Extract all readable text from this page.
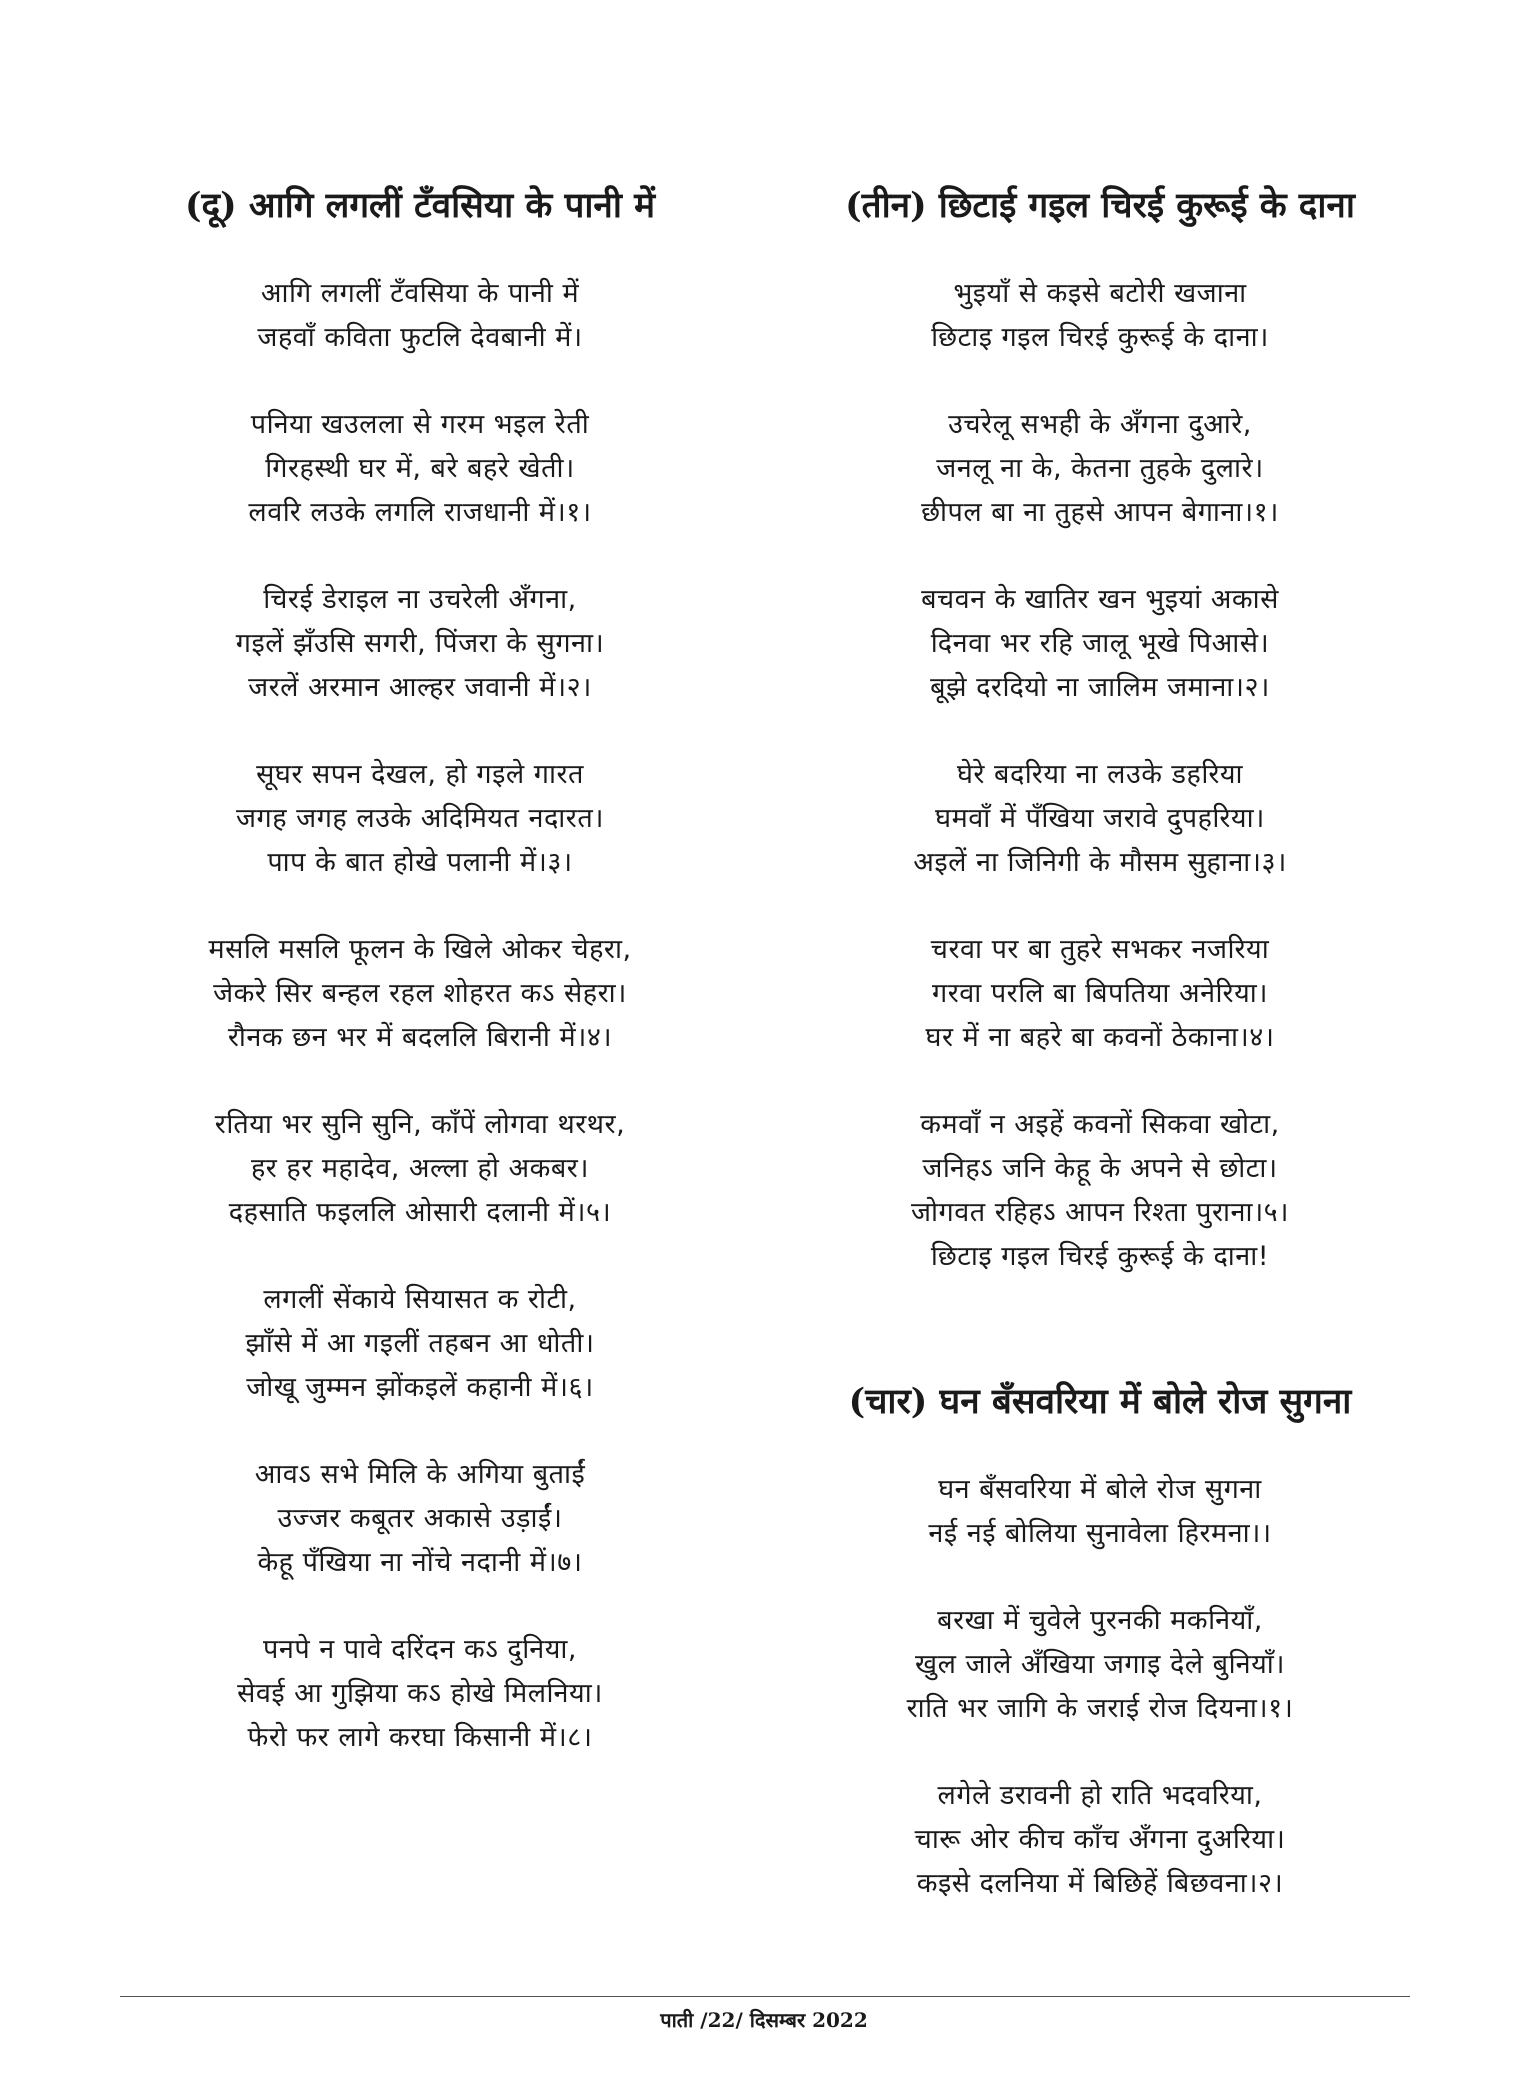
(दू) आगि लगलीं टँवसिया के पानी में
आगि लगलीं टँवसिया के पानी में
जहवाँ कविता फुटलि देवबानी में।
पनिया खउलला से गरम भइल रेती
गिरहस्थी घर में, बरे बहरे खेती।
लवरि लउके लगलि राजधानी में।१।
चिरई डेराइल ना उचरेली अँगना,
गइलें झँउसि सगरी, पिंजरा के सुगना।
जरलें अरमान आल्हर जवानी में।२।
सूघर सपन देखल, हो गइले गारत
जगह जगह लउके अदिमियत नदारत।
पाप के बात होखे पलानी में।३।
मसलि मसलि फूलन के खिले ओकर चेहरा,
जेकरे सिर बन्हल रहल शोहरत कऽ सेहरा।
रौनक छन भर में बदललि बिरानी में।४।
रतिया भर सुनि सुनि, काँपें लोगवा थरथर,
हर हर महादेव, अल्ला हो अकबर।
दहसाति फइललि ओसारी दलानी में।५।
लगलीं सेंकाये सियासत क रोटी,
झाँसे में आ गइलीं तहबन आ धोती।
जोखू जुम्मन झोंकइलें कहानी में।६।
आवऽ सभे मिलि के अगिया बुताईं
उज्जर कबूतर अकासे उड़ाईं।
केहू पँखिया ना नोंचे नदानी में।७।
पनपे न पावे दरिंदन कऽ दुनिया,
सेवई आ गुझिया कऽ होखे मिलनिया।
फेरो फर लागे करघा किसानी में।८।
(तीन) छिटाई गइल चिरई कुरूई के दाना
भुइयाँ से कइसे बटोरी खजाना
छिटाइ गइल चिरई कुरूई के दाना।
उचरेलू सभही के अँगना दुआरे,
जनलू ना के, केतना तुहके दुलारे।
छीपल बा ना तुहसे आपन बेगाना।१।
बचवन के खातिर खन भुइयां अकासे
दिनवा भर रहि जालू भूखे पिआसे।
बूझे दरदियो ना जालिम जमाना।२।
घेरे बदरिया ना लउके डहरिया
घमवाँ में पँखिया जरावे दुपहरिया।
अइलें ना जिनिगी के मौसम सुहाना।३।
चरवा पर बा तुहरे सभकर नजरिया
गरवा परलि बा बिपतिया अनेरिया।
घर में ना बहरे बा कवनों ठेकाना।४।
कमवाँ न अइहें कवनों सिकवा खोटा,
जनिहऽ जनि केहू के अपने से छोटा।
जोगवत रहिहऽ आपन रिश्ता पुराना।५।
छिटाइ गइल चिरई कुरूई के दाना!
(चार) घन बँसवरिया में बोले रोज सुगना
घन बँसवरिया में बोले रोज सुगना
नई नई बोलिया सुनावेला हिरमना।।
बरखा में चुवेले पुरनकी मकनियाँ,
खुल जाले अँखिया जगाइ देले बुनियाँ।
राति भर जागि के जराई रोज दियना।१।
लगेले डरावनी हो राति भदवरिया,
चारू ओर कीच काँच अँगना दुअरिया।
कइसे दलनिया में बिछिहें बिछवना।२।
पाती /22/ दिसम्बर 2022
